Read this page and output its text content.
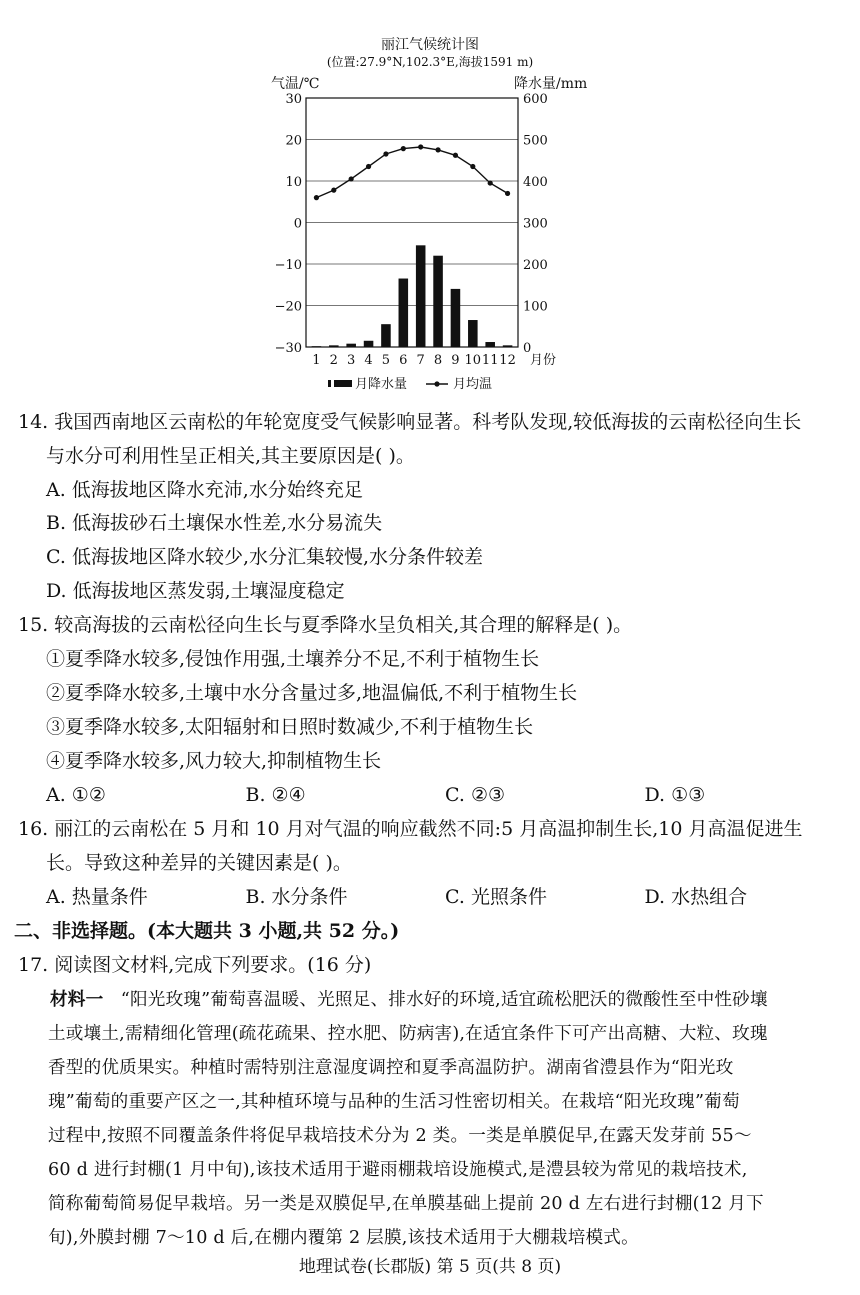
丽江气候统计图
(位置:27.9°N,102.3°E,海拔1591 m)
气温/℃	降水量/mm
30	600
20	500
10	400
0	300
−10	200
−20	100
−30	0
1 2 3 4 5 6 7 8 9 10 11 12 月份
月降水量	月均温
14. 我国西南地区云南松的年轮宽度受气候影响显著。科考队发现,较低海拔的云南松径向生长
与水分可利用性呈正相关,其主要原因是( )。
A. 低海拔地区降水充沛,水分始终充足
B. 低海拔砂石土壤保水性差,水分易流失
C. 低海拔地区降水较少,水分汇集较慢,水分条件较差
D. 低海拔地区蒸发弱,土壤湿度稳定
15. 较高海拔的云南松径向生长与夏季降水呈负相关,其合理的解释是( )。
①夏季降水较多,侵蚀作用强,土壤养分不足,不利于植物生长
②夏季降水较多,土壤中水分含量过多,地温偏低,不利于植物生长
③夏季降水较多,太阳辐射和日照时数减少,不利于植物生长
④夏季降水较多,风力较大,抑制植物生长
A. ①②	B. ②④	C. ②③	D. ①③
16. 丽江的云南松在 5 月和 10 月对气温的响应截然不同:5 月高温抑制生长,10 月高温促进生
长。导致这种差异的关键因素是( )。
A. 热量条件	B. 水分条件	C. 光照条件	D. 水热组合
二、非选择题。(本大题共 3 小题,共 52 分。)
17. 阅读图文材料,完成下列要求。(16 分)
材料一 “阳光玫瑰”葡萄喜温暖、光照足、排水好的环境,适宜疏松肥沃的微酸性至中性砂壤
土或壤土,需精细化管理(疏花疏果、控水肥、防病害),在适宜条件下可产出高糖、大粒、玫瑰
香型的优质果实。种植时需特别注意湿度调控和夏季高温防护。湖南省澧县作为“阳光玫
瑰”葡萄的重要产区之一,其种植环境与品种的生活习性密切相关。在栽培“阳光玫瑰”葡萄
过程中,按照不同覆盖条件将促早栽培技术分为 2 类。一类是单膜促早,在露天发芽前 55～
60 d 进行封棚(1 月中旬),该技术适用于避雨棚栽培设施模式,是澧县较为常见的栽培技术,
简称葡萄简易促早栽培。另一类是双膜促早,在单膜基础上提前 20 d 左右进行封棚(12 月下
旬),外膜封棚 7～10 d 后,在棚内覆第 2 层膜,该技术适用于大棚栽培模式。
地理试卷(长郡版) 第 5 页(共 8 页)
